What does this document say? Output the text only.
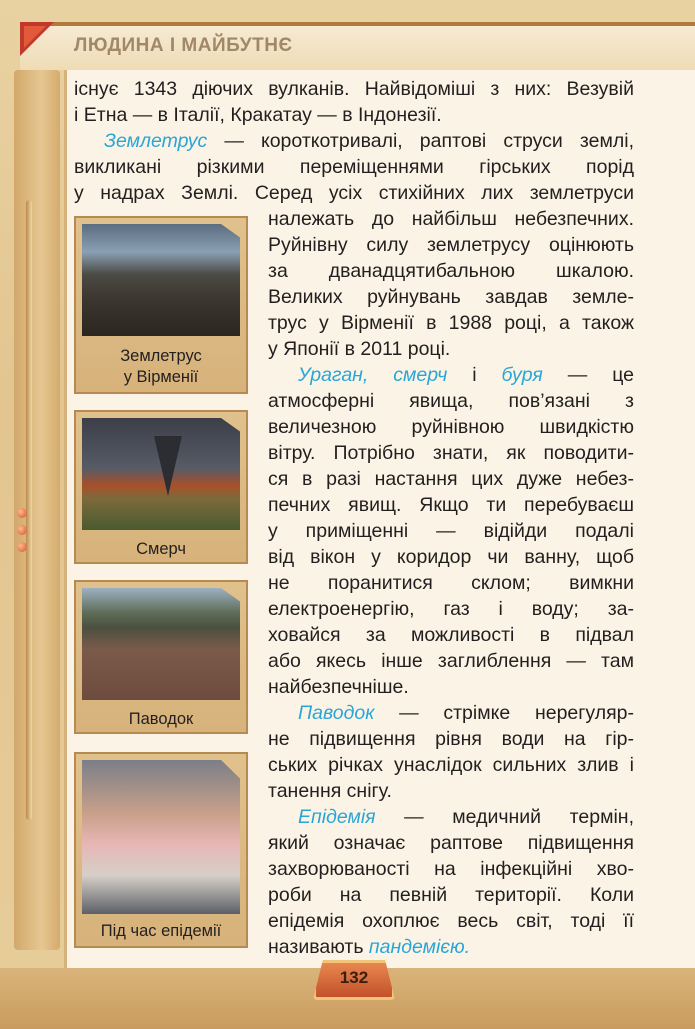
ЛЮДИНА І МАЙБУТНЄ

існує 1343 діючих вулканів. Найвідоміші з них: Везувій

і Етна — в Італії, Кракатау — в Індонезії.

Землетрус — короткотривалі, раптові струси землі,

викликані різкими переміщеннями гірських порід

у надрах Землі. Серед усіх стихійних лих землетруси

належать до найбільш небезпечних.

Руйнівну силу землетрусу оцінюють

за дванадцятибальною шкалою.

Великих руйнувань завдав земле-

трус у Вірменії в 1988 році, а також

у Японії в 2011 році.

Ураган, смерч і буря — це

атмосферні явища, пов’язані з

величезною руйнівною швидкістю

вітру. Потрібно знати, як поводити-

ся в разі настання цих дуже небез-

печних явищ. Якщо ти перебуваєш

у приміщенні — відійди подалі

від вікон у коридор чи ванну, щоб

не поранитися склом; вимкни

електроенергію, газ і воду; за-

ховайся за можливості в підвал

або якесь інше заглиблення — там

найбезпечніше.

Паводок — стрімке нерегуляр-

не підвищення рівня води на гір-

ських річках унаслідок сильних злив і

танення снігу.

Епідемія — медичний термін,

який означає раптове підвищення

захворюваності на інфекційні хво-

роби на певній території. Коли

епідемія охоплює весь світ, тоді її

називають пандемією.

Землетрус
у Вірменії
Смерч
Паводок
Під час епідемії
132
